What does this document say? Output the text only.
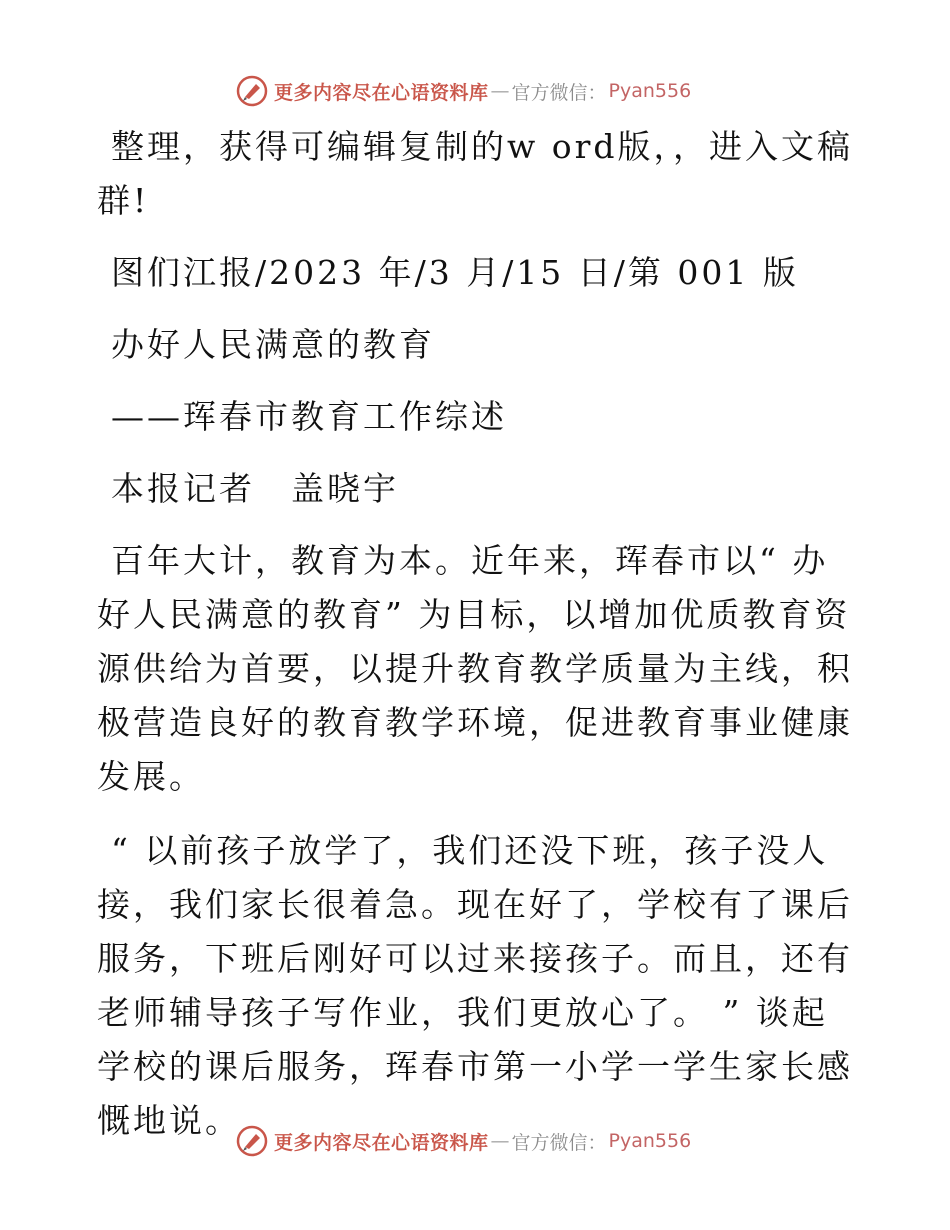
更多内容尽在心语资料库 — 官方微信： Pyan556

整理，获得可编辑复制的w ord版，，进入文稿群!

图们江报/2023 年/3 月/15 日/第 001 版

办好人民满意的教育

——珲春市教育工作综述

本报记者　盖晓宇

百年大计，教育为本。近年来，珲春市以“ 办好人民满意的教育” 为目标，以增加优质教育资源供给为首要，以提升教育教学质量为主线，积极营造良好的教育教学环境，促进教育事业健康发展。

“ 以前孩子放学了，我们还没下班，孩子没人接，我们家长很着急。现在好了，学校有了课后服务，下班后刚好可以过来接孩子。而且，还有老师辅导孩子写作业，我们更放心了。 ” 谈起学校的课后服务，珲春市第一小学一学生家长感慨地说。

更多内容尽在心语资料库 — 官方微信： Pyan556
